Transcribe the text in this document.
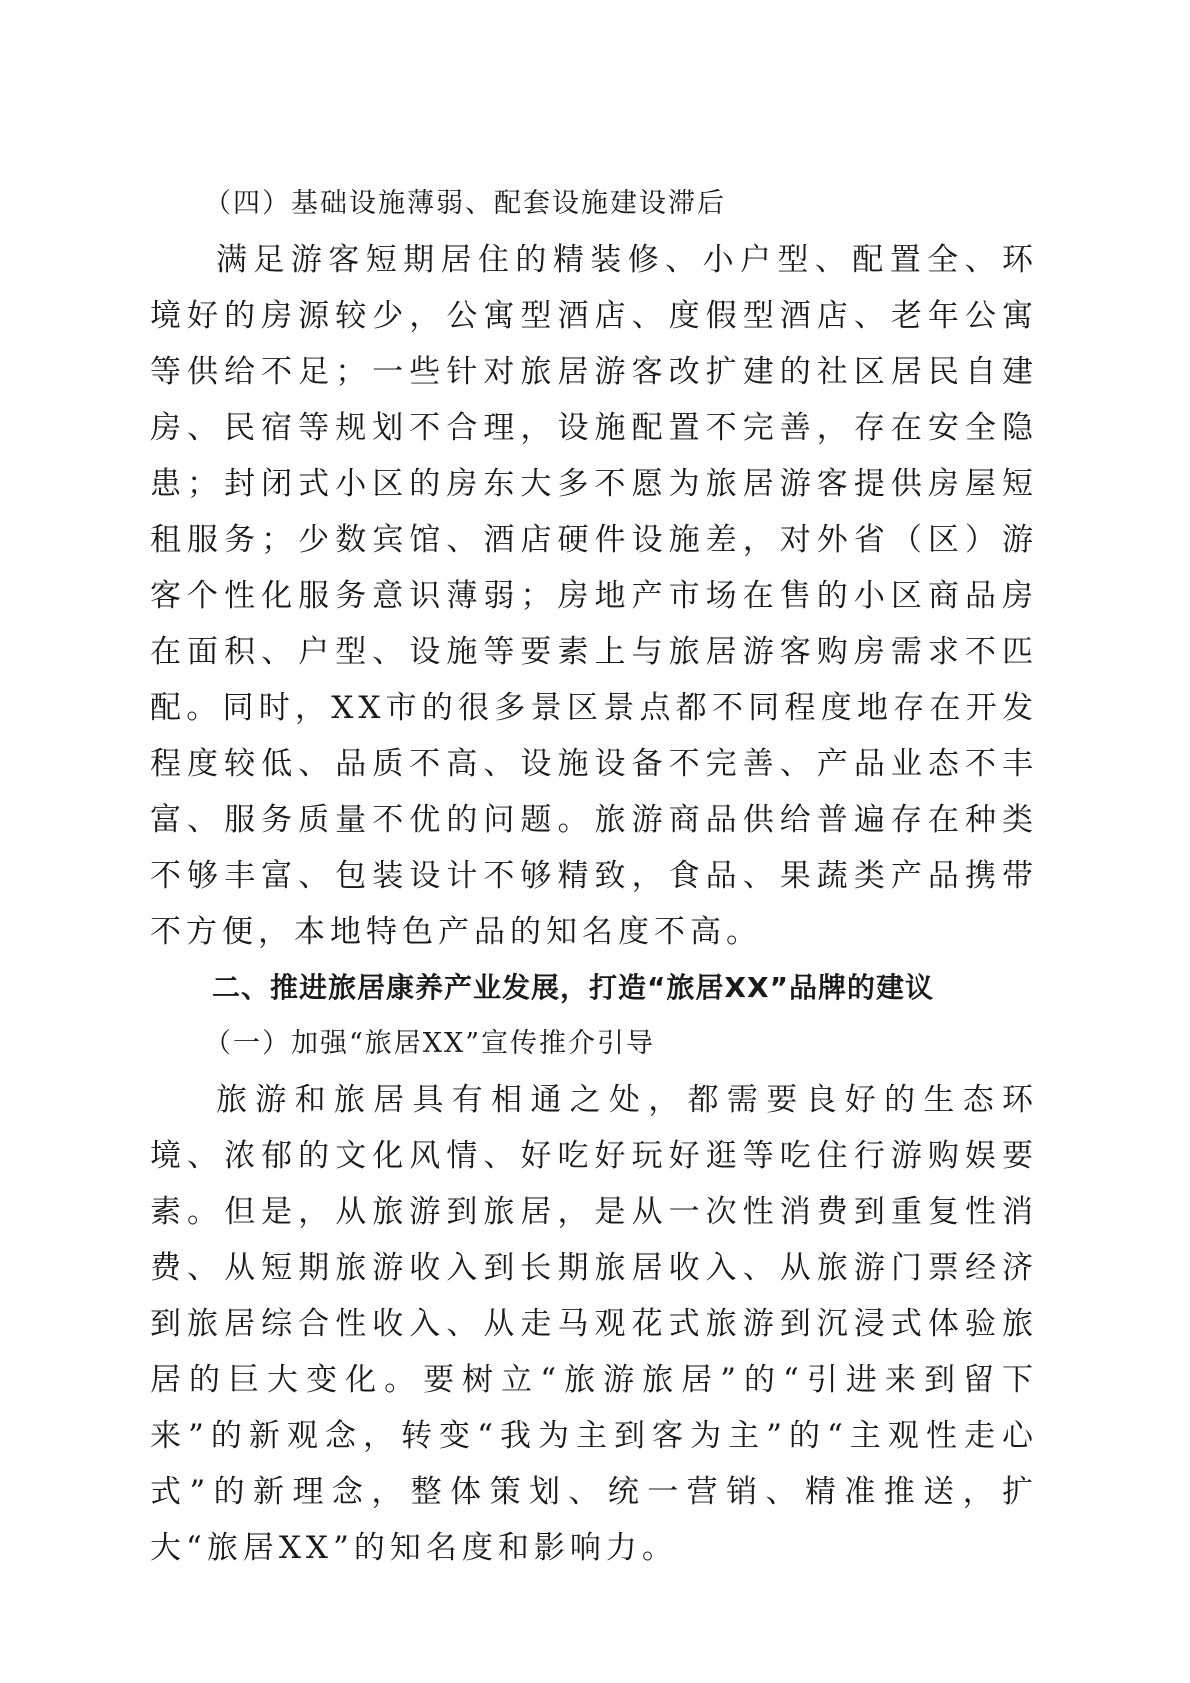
（四）基础设施薄弱、配套设施建设滞后

满足游客短期居住的精装修、小户型、配置全、环境好的房源较少，公寓型酒店、度假型酒店、老年公寓等供给不足；一些针对旅居游客改扩建的社区居民自建房、民宿等规划不合理，设施配置不完善，存在安全隐患；封闭式小区的房东大多不愿为旅居游客提供房屋短租服务；少数宾馆、酒店硬件设施差，对外省（区）游客个性化服务意识薄弱；房地产市场在售的小区商品房在面积、户型、设施等要素上与旅居游客购房需求不匹配。同时，XX市的很多景区景点都不同程度地存在开发程度较低、品质不高、设施设备不完善、产品业态不丰富、服务质量不优的问题。旅游商品供给普遍存在种类不够丰富、包装设计不够精致，食品、果蔬类产品携带不方便，本地特色产品的知名度不高。

二、推进旅居康养产业发展，打造“旅居XX”品牌的建议

（一）加强“旅居XX”宣传推介引导

旅游和旅居具有相通之处，都需要良好的生态环境、浓郁的文化风情、好吃好玩好逛等吃住行游购娱要素。但是，从旅游到旅居，是从一次性消费到重复性消费、从短期旅游收入到长期旅居收入、从旅游门票经济到旅居综合性收入、从走马观花式旅游到沉浸式体验旅居的巨大变化。要树立“旅游旅居”的“引进来到留下来”的新观念，转变“我为主到客为主”的“主观性走心式”的新理念，整体策划、统一营销、精准推送，扩大“旅居XX”的知名度和影响力。
